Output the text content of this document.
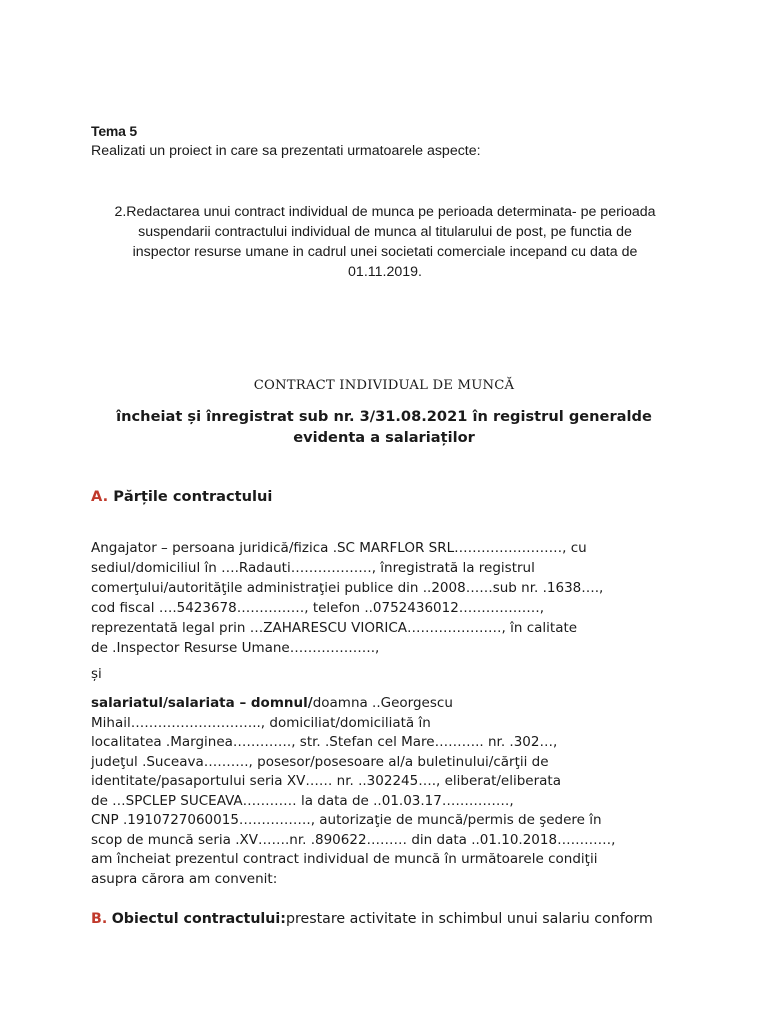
Tema 5
Realizati un proiect in care sa prezentati urmatoarele aspecte:
2.Redactarea unui contract individual de munca pe perioada determinata- pe perioada
suspendarii contractului individual de munca al titularului de post, pe functia de
inspector resurse umane in cadrul unei societati comerciale incepand cu data de
01.11.2019.
CONTRACT INDIVIDUAL DE MUNCĂ
încheiat și înregistrat sub nr. 3/31.08.2021 în registrul generalde
evidenta a salariaților
A. Părțile contractului
Angajator – persoana juridică/fizica .SC MARFLOR SRL……………………, cu
sediul/domiciliul în ….Radauti………………, înregistrată la registrul
comerţului/autorităţile administraţiei publice din ..2008……sub nr. .1638….,
cod fiscal ….5423678……………, telefon ..0752436012………………,
reprezentată legal prin …ZAHARESCU VIORICA…………………, în calitate
de .Inspector Resurse Umane……………….,
și
salariatul/salariata – domnul/doamna ..Georgescu
Mihail……………………….., domiciliat/domiciliată în
localitatea .Marginea…………., str. .Stefan cel Mare……….. nr. .302…,
judeţul .Suceava………., posesor/posesoare al/a buletinului/cărţii de
identitate/pasaportului seria XV…… nr. ..302245…., eliberat/eliberata
de …SPCLEP SUCEAVA………… la data de ..01.03.17……………,
CNP .1910727060015……………., autorizaţie de muncă/permis de şedere în
scop de muncă seria .XV…….nr. .890622……… din data ..01.10.2018…………,
am încheiat prezentul contract individual de muncă în următoarele condiţii
asupra cărora am convenit:
B. Obiectul contractului:prestare activitate in schimbul unui salariu conform
